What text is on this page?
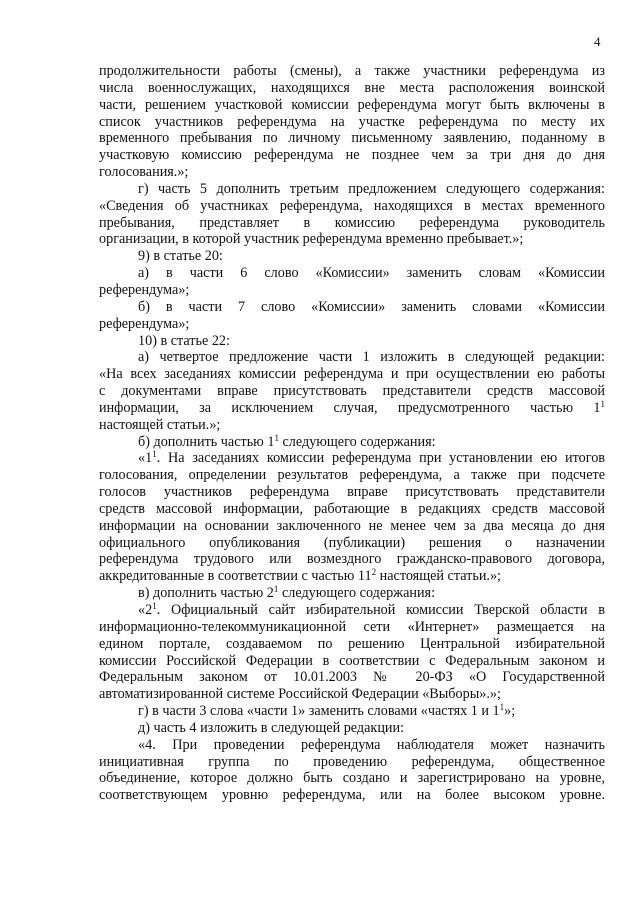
4
продолжительности работы (смены), а также участники референдума из
числа военнослужащих, находящихся вне места расположения воинской
части, решением участковой комиссии референдума могут быть включены в
список участников референдума на участке референдума по месту их
временного пребывания по личному письменному заявлению, поданному в
участковую комиссию референдума не позднее чем за три дня до дня
голосования.»;
г) часть 5 дополнить третьим предложением следующего содержания:
«Сведения об участниках референдума, находящихся в местах временного
пребывания, представляет в комиссию референдума руководитель
организации, в которой участник референдума временно пребывает.»;
9) в статье 20:
а) в части 6 слово «Комиссии» заменить словам «Комиссии
референдума»;
б) в части 7 слово «Комиссии» заменить словами «Комиссии
референдума»;
10) в статье 22:
а) четвертое предложение части 1 изложить в следующей редакции:
«На всех заседаниях комиссии референдума и при осуществлении ею работы
с документами вправе присутствовать представители средств массовой
информации, за исключением случая, предусмотренного частью $1^1$
настоящей статьи.»;
б) дополнить частью $1^1$ следующего содержания:
«$1^1$. На заседаниях комиссии референдума при установлении ею итогов
голосования, определении результатов референдума, а также при подсчете
голосов участников референдума вправе присутствовать представители
средств массовой информации, работающие в редакциях средств массовой
информации на основании заключенного не менее чем за два месяца до дня
официального опубликования (публикации) решения о назначении
референдума трудового или возмездного гражданско-правового договора,
аккредитованные в соответствии с частью $11^2$ настоящей статьи.»;
в) дополнить частью $2^1$ следующего содержания:
«$2^1$. Официальный сайт избирательной комиссии Тверской области в
информационно-телекоммуникационной сети «Интернет» размещается на
едином портале, создаваемом по решению Центральной избирательной
комиссии Российской Федерации в соответствии с Федеральным законом и
Федеральным законом от 10.01.2003 № 20-ФЗ «О Государственной
автоматизированной системе Российской Федерации «Выборы».»;
г) в части 3 слова «части 1» заменить словами «частях 1 и $1^1$»;
д) часть 4 изложить в следующей редакции:
«4. При проведении референдума наблюдателя может назначить
инициативная группа по проведению референдума, общественное
объединение, которое должно быть создано и зарегистрировано на уровне,
соответствующем уровню референдума, или на более высоком уровне.
